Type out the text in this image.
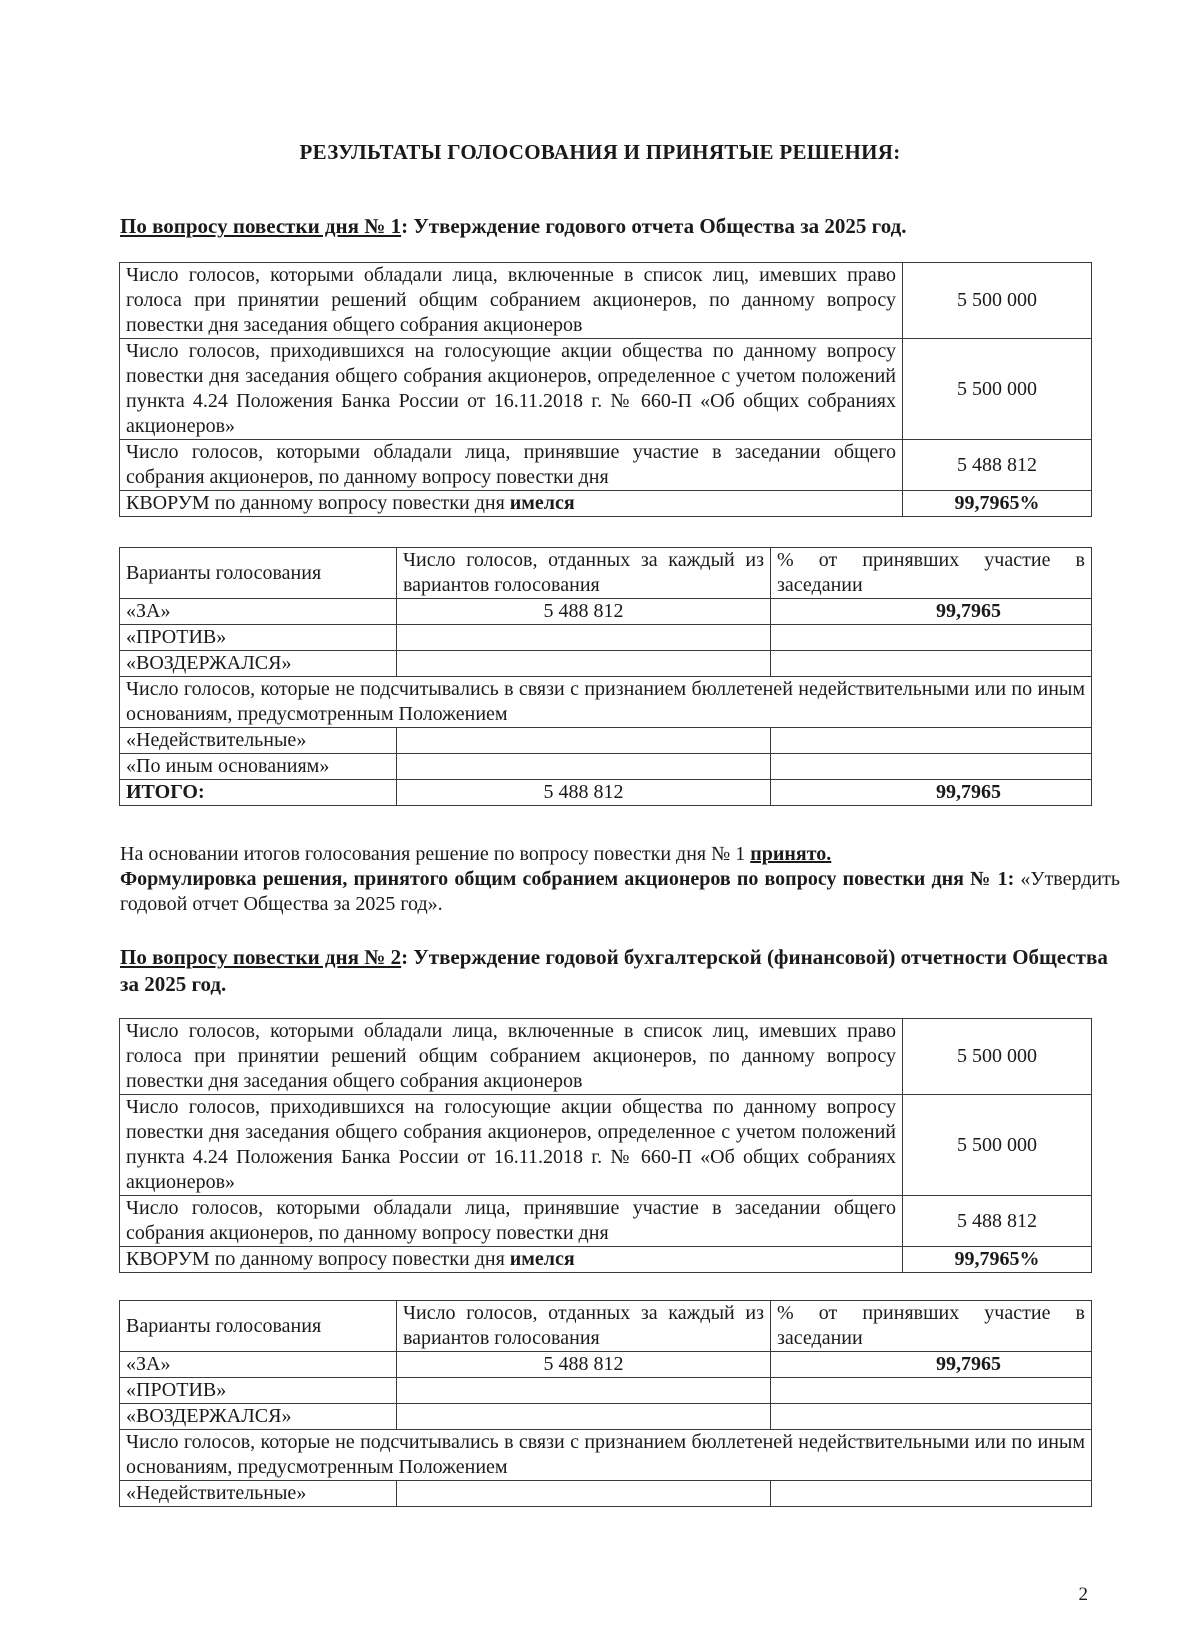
РЕЗУЛЬТАТЫ ГОЛОСОВАНИЯ И ПРИНЯТЫЕ РЕШЕНИЯ:
По вопросу повестки дня № 1: Утверждение годового отчета Общества за 2025 год.
Число голосов, которыми обладали лица, включенные в список лиц, имевших право голоса при принятии решений общим собранием акционеров, по данному вопросу повестки дня заседания общего собрания акционеров	5 500 000
Число голосов, приходившихся на голосующие акции общества по данному вопросу повестки дня заседания общего собрания акционеров, определенное с учетом положений пункта 4.24 Положения Банка России от 16.11.2018 г. № 660-П «Об общих собраниях акционеров»	5 500 000
Число голосов, которыми обладали лица, принявшие участие в заседании общего собрания акционеров, по данному вопросу повестки дня	5 488 812
КВОРУМ по данному вопросу повестки дня имелся	99,7965%
Варианты голосования	Число голосов, отданных за каждый из вариантов голосования	% от принявших участие в заседании
«ЗА»	5 488 812	99,7965
«ПРОТИВ»		
«ВОЗДЕРЖАЛСЯ»		
Число голосов, которые не подсчитывались в связи с признанием бюллетеней недействительными или по иным основаниям, предусмотренным Положением		
«Недействительные»		
«По иным основаниям»		
ИТОГО:	5 488 812	99,7965
На основании итогов голосования решение по вопросу повестки дня № 1 принято.
Формулировка решения, принятого общим собранием акционеров по вопросу повестки дня № 1: «Утвердить годовой отчет Общества за 2025 год».
По вопросу повестки дня № 2: Утверждение годовой бухгалтерской (финансовой) отчетности Общества за 2025 год.
Число голосов, которыми обладали лица, включенные в список лиц, имевших право голоса при принятии решений общим собранием акционеров, по данному вопросу повестки дня заседания общего собрания акционеров	5 500 000
Число голосов, приходившихся на голосующие акции общества по данному вопросу повестки дня заседания общего собрания акционеров, определенное с учетом положений пункта 4.24 Положения Банка России от 16.11.2018 г. № 660-П «Об общих собраниях акционеров»	5 500 000
Число голосов, которыми обладали лица, принявшие участие в заседании общего собрания акционеров, по данному вопросу повестки дня	5 488 812
КВОРУМ по данному вопросу повестки дня имелся	99,7965%
Варианты голосования	Число голосов, отданных за каждый из вариантов голосования	% от принявших участие в заседании
«ЗА»	5 488 812	99,7965
«ПРОТИВ»		
«ВОЗДЕРЖАЛСЯ»		
Число голосов, которые не подсчитывались в связи с признанием бюллетеней недействительными или по иным основаниям, предусмотренным Положением		
«Недействительные»		
2
